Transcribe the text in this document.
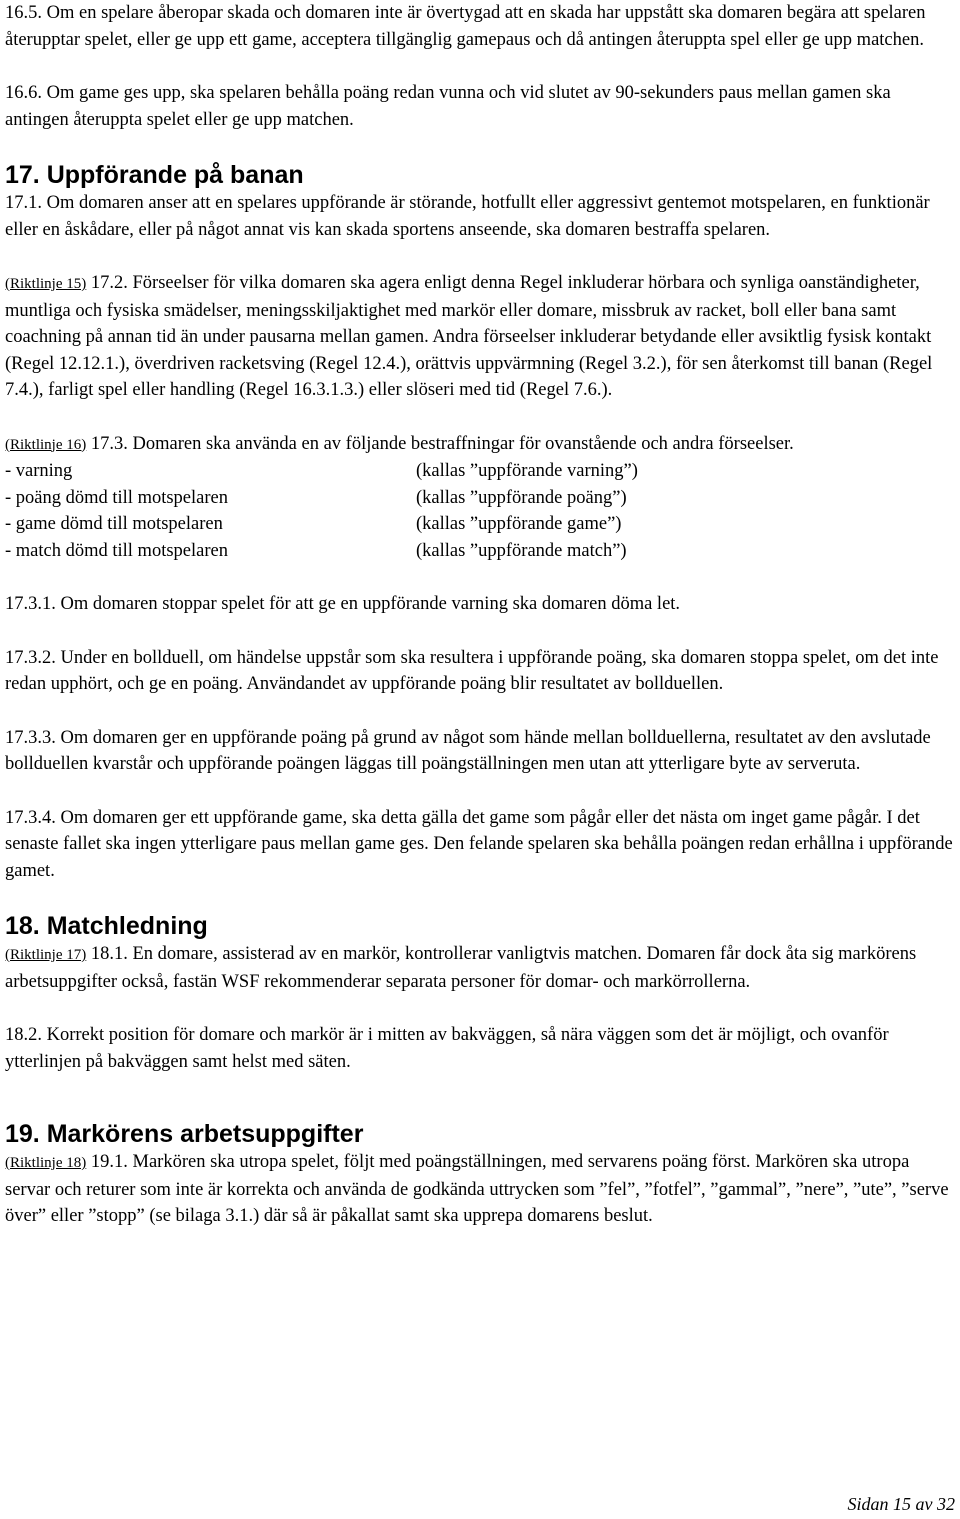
16.5. Om en spelare åberopar skada och domaren inte är övertygad att en skada har uppstått ska domaren begära att spelaren återupptar spelet, eller ge upp ett game, acceptera tillgänglig gamepaus och då antingen återuppta spel eller ge upp matchen.

16.6. Om game ges upp, ska spelaren behålla poäng redan vunna och vid slutet av 90-sekunders paus mellan gamen ska antingen återuppta spelet eller ge upp matchen.

17. Uppförande på banan

17.1. Om domaren anser att en spelares uppförande är störande, hotfullt eller aggressivt gentemot motspelaren, en funktionär eller en åskådare, eller på något annat vis kan skada sportens anseende, ska domaren bestraffa spelaren.

(Riktlinje 15) 17.2. Förseelser för vilka domaren ska agera enligt denna Regel inkluderar hörbara och synliga oanständigheter, muntliga och fysiska smädelser, meningsskiljaktighet med markör eller domare, missbruk av racket, boll eller bana samt coachning på annan tid än under pausarna mellan gamen. Andra förseelser inkluderar betydande eller avsiktlig fysisk kontakt (Regel 12.12.1.), överdriven racketsving (Regel 12.4.), orättvis uppvärmning (Regel 3.2.), för sen återkomst till banan (Regel 7.4.), farligt spel eller handling (Regel 16.3.1.3.) eller slöseri med tid (Regel 7.6.).

(Riktlinje 16) 17.3. Domaren ska använda en av följande bestraffningar för ovanstående och andra förseelser.

- varning	(kallas ”uppförande varning”)
- poäng dömd till motspelaren	(kallas ”uppförande poäng”)
- game dömd till motspelaren	(kallas ”uppförande game”)
- match dömd till motspelaren	(kallas ”uppförande match”)

17.3.1. Om domaren stoppar spelet för att ge en uppförande varning ska domaren döma let.

17.3.2. Under en bollduell, om händelse uppstår som ska resultera i uppförande poäng, ska domaren stoppa spelet, om det inte redan upphört, och ge en poäng. Användandet av uppförande poäng blir resultatet av bollduellen.

17.3.3. Om domaren ger en uppförande poäng på grund av något som hände mellan bollduellerna, resultatet av den avslutade bollduellen kvarstår och uppförande poängen läggas till poängställningen men utan att ytterligare byte av serveruta.

17.3.4. Om domaren ger ett uppförande game, ska detta gälla det game som pågår eller det nästa om inget game pågår. I det senaste fallet ska ingen ytterligare paus mellan game ges. Den felande spelaren ska behålla poängen redan erhållna i uppförande gamet.

18. Matchledning

(Riktlinje 17) 18.1. En domare, assisterad av en markör, kontrollerar vanligtvis matchen. Domaren får dock åta sig markörens arbetsuppgifter också, fastän WSF rekommenderar separata personer för domar- och markörrollerna.

18.2. Korrekt position för domare och markör är i mitten av bakväggen, så nära väggen som det är möjligt, och ovanför ytterlinjen på bakväggen samt helst med säten.

19. Markörens arbetsuppgifter

(Riktlinje 18) 19.1. Markören ska utropa spelet, följt med poängställningen, med servarens poäng först. Markören ska utropa servar och returer som inte är korrekta och använda de godkända uttrycken som ”fel”, ”fotfel”, ”gammal”, ”nere”, ”ute”, ”serve över” eller ”stopp” (se bilaga 3.1.) där så är påkallat samt ska upprepa domarens beslut.

Sidan 15 av 32
